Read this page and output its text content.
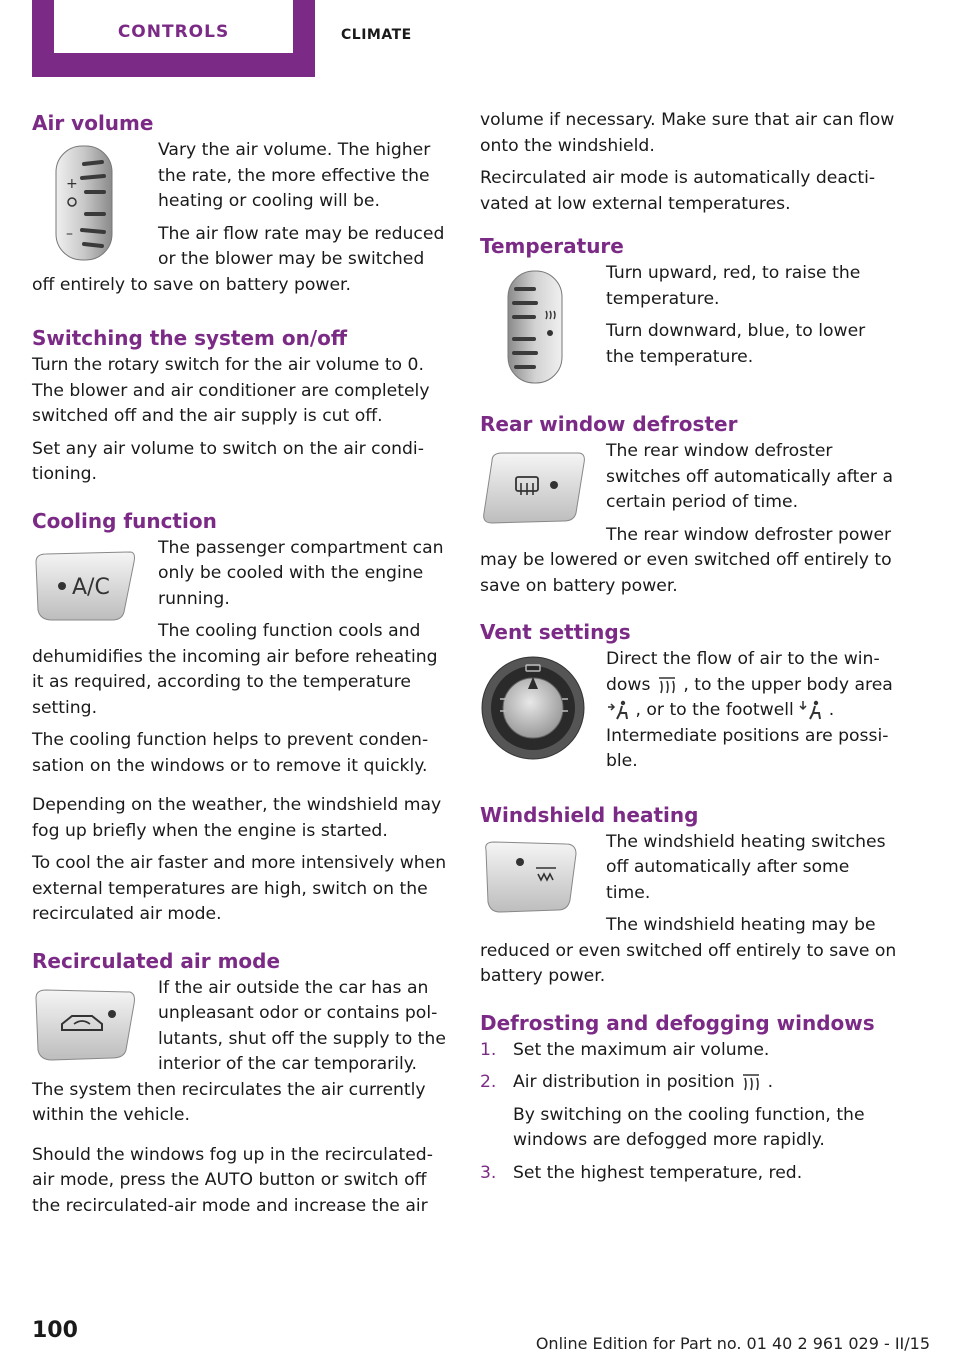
CONTROLS	CLIMATE
Air volume
+
–

Vary the air volume. The higher the rate, the more effective the heating or cooling will be.

The air flow rate may be reduced or the blower may be switched off entirely to save on battery power.

Switching the system on/off

Turn the rotary switch for the air volume to 0. The blower and air conditioner are completely switched off and the air supply is cut off.

Set any air volume to switch on the air conditioning.

Cooling function
A/C

The passenger compartment can only be cooled with the engine running.

The cooling function cools and dehumidifies the incoming air before reheating it as required, according to the temperature setting.

The cooling function helps to prevent condensation on the windows or to remove it quickly.

Depending on the weather, the windshield may fog up briefly when the engine is started.

To cool the air faster and more intensively when external temperatures are high, switch on the recirculated air mode.

Recirculated air mode

If the air outside the car has an unpleasant odor or contains pollutants, shut off the supply to the interior of the car temporarily. The system then recirculates the air currently within the vehicle.

Should the windows fog up in the recirculated-air mode, press the AUTO button or switch off the recirculated-air mode and increase the air

volume if necessary. Make sure that air can flow onto the windshield.

Recirculated air mode is automatically deactivated at low external temperatures.

Temperature

Turn upward, red, to raise the temperature.

Turn downward, blue, to lower the temperature.

Rear window defroster

The rear window defroster switches off automatically after a certain period of time.

The rear window defroster power may be lowered or even switched off entirely to save on battery power.

Vent settings

Direct the flow of air to the windows , to the upper body area  , or to the footwell . Intermediate positions are possible.

Windshield heating

The windshield heating switches off automatically after some time.

The windshield heating may be reduced or even switched off entirely to save on battery power.

Defrosting and defogging windows
1. Set the maximum air volume.
2. Air distribution in position .
By switching on the cooling function, the windows are defogged more rapidly.
3. Set the highest temperature, red.
100
Online Edition for Part no. 01 40 2 961 029 - II/15
